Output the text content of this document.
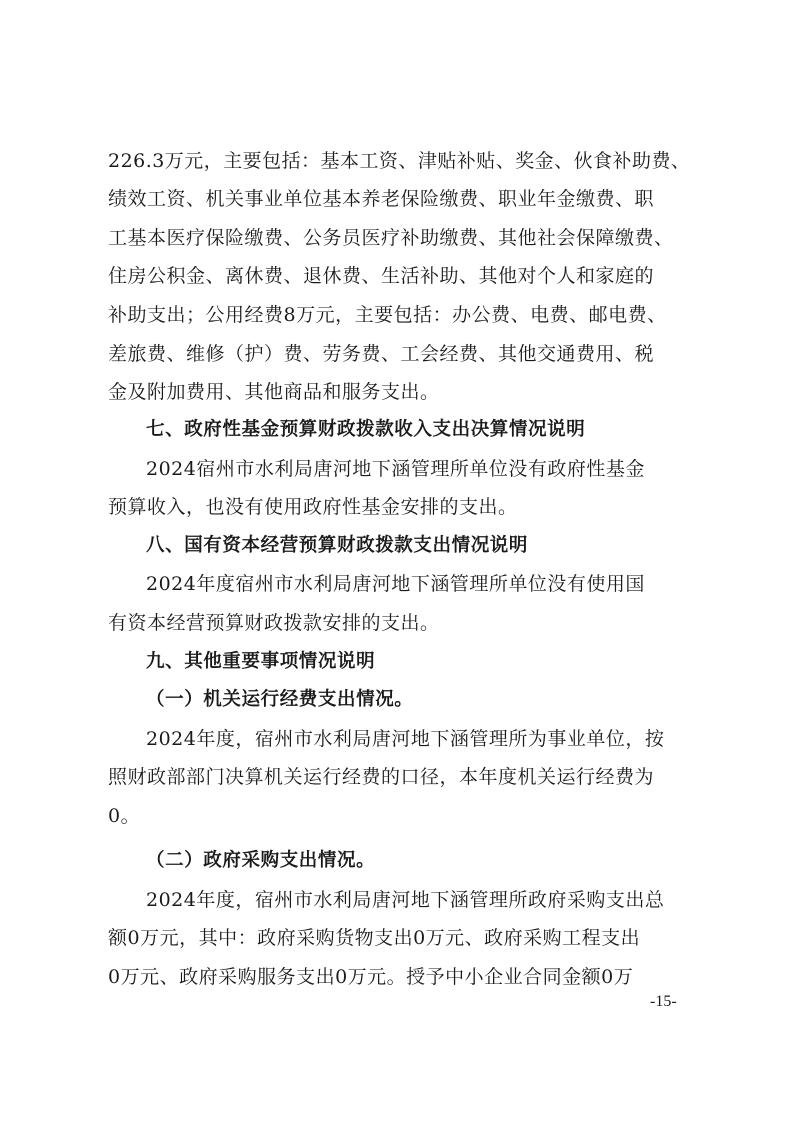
226.3万元，主要包括：基本工资、津贴补贴、奖金、伙食补助费、
绩效工资、机关事业单位基本养老保险缴费、职业年金缴费、职
工基本医疗保险缴费、公务员医疗补助缴费、其他社会保障缴费、
住房公积金、离休费、退休费、生活补助、其他对个人和家庭的
补助支出；公用经费8万元，主要包括：办公费、电费、邮电费、
差旅费、维修（护）费、劳务费、工会经费、其他交通费用、税
金及附加费用、其他商品和服务支出。
七、政府性基金预算财政拨款收入支出决算情况说明
2024宿州市水利局唐河地下涵管理所单位没有政府性基金
预算收入，也没有使用政府性基金安排的支出。
八、国有资本经营预算财政拨款支出情况说明
2024年度宿州市水利局唐河地下涵管理所单位没有使用国
有资本经营预算财政拨款安排的支出。
九、其他重要事项情况说明
（一）机关运行经费支出情况。
2024年度，宿州市水利局唐河地下涵管理所为事业单位，按
照财政部部门决算机关运行经费的口径，本年度机关运行经费为
0。
（二）政府采购支出情况。
2024年度，宿州市水利局唐河地下涵管理所政府采购支出总
额0万元，其中：政府采购货物支出0万元、政府采购工程支出
0万元、政府采购服务支出0万元。授予中小企业合同金额0万
-15-
